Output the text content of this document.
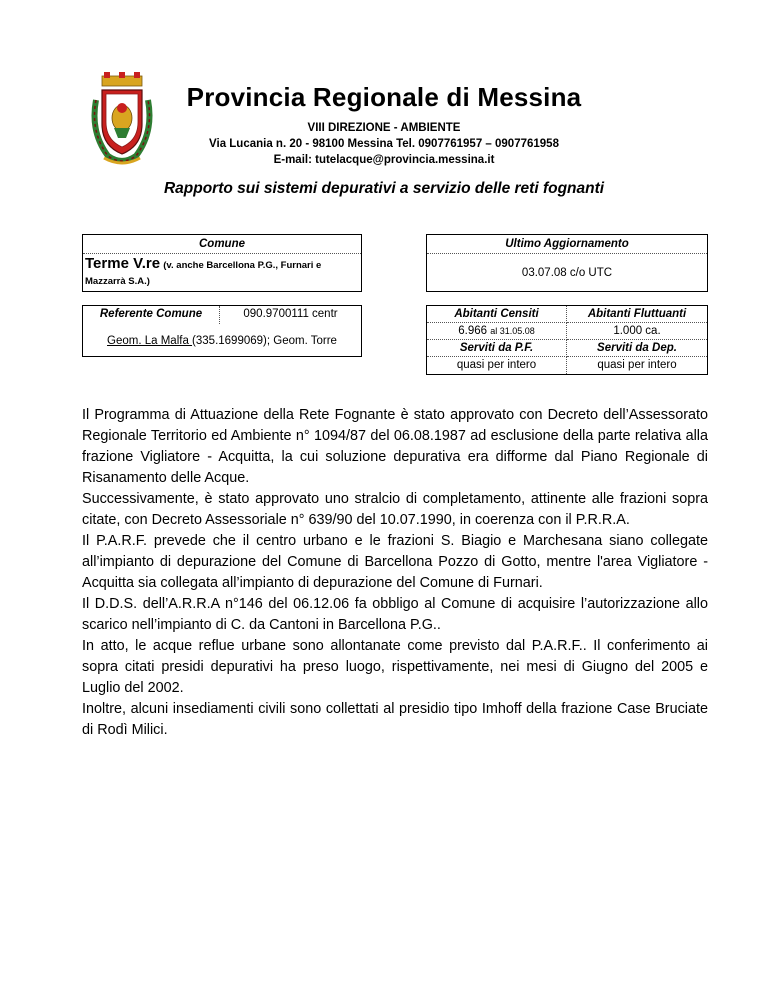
Provincia Regionale di Messina
VIII DIREZIONE - AMBIENTE
Via Lucania n. 20 - 98100 Messina Tel. 0907761957 – 0907761958
E-mail: tutelacque@provincia.messina.it
Rapporto sui sistemi depurativi a servizio delle reti fognanti
Comune
Terme V.re (v. anche Barcellona P.G., Furnari e
Mazzarrà S.A.)
Ultimo Aggiornamento
03.07.08 c/o UTC
Referente Comune	090.9700111 centr
Geom. La Malfa (335.1699069); Geom. Torre
Abitanti Censiti	Abitanti Fluttuanti
6.966 al 31.05.08	1.000 ca.
Serviti da P.F.	Serviti da Dep.
quasi per intero	quasi per intero

Il Programma di Attuazione della Rete Fognante è stato approvato con Decreto dell’Assessorato Regionale Territorio ed Ambiente n° 1094/87 del 06.08.1987 ad esclusione della parte relativa alla frazione Vigliatore - Acquitta, la cui soluzione depurativa era difforme dal Piano Regionale di Risanamento delle Acque.

Successivamente, è stato approvato uno stralcio di completamento, attinente alle frazioni sopra citate, con Decreto Assessoriale n° 639/90 del 10.07.1990, in coerenza con il P.R.R.A.

Il P.A.R.F. prevede che il centro urbano e le frazioni S. Biagio e Marchesana siano collegate all’impianto di depurazione del Comune di Barcellona Pozzo di Gotto, mentre l'area Vigliatore - Acquitta sia collegata all’impianto di depurazione del Comune di Furnari.

Il D.D.S. dell’A.R.R.A n°146 del 06.12.06 fa obbligo al Comune di acquisire l’autorizzazione allo scarico nell’impianto di C. da Cantoni in Barcellona P.G..

In atto, le acque reflue urbane sono allontanate come previsto dal P.A.R.F.. Il conferimento ai sopra citati presidi depurativi ha preso luogo, rispettivamente, nei mesi di Giugno del 2005 e Luglio del 2002.

Inoltre, alcuni insediamenti civili sono collettati al presidio tipo Imhoff della frazione Case Bruciate di Rodì Milici.
